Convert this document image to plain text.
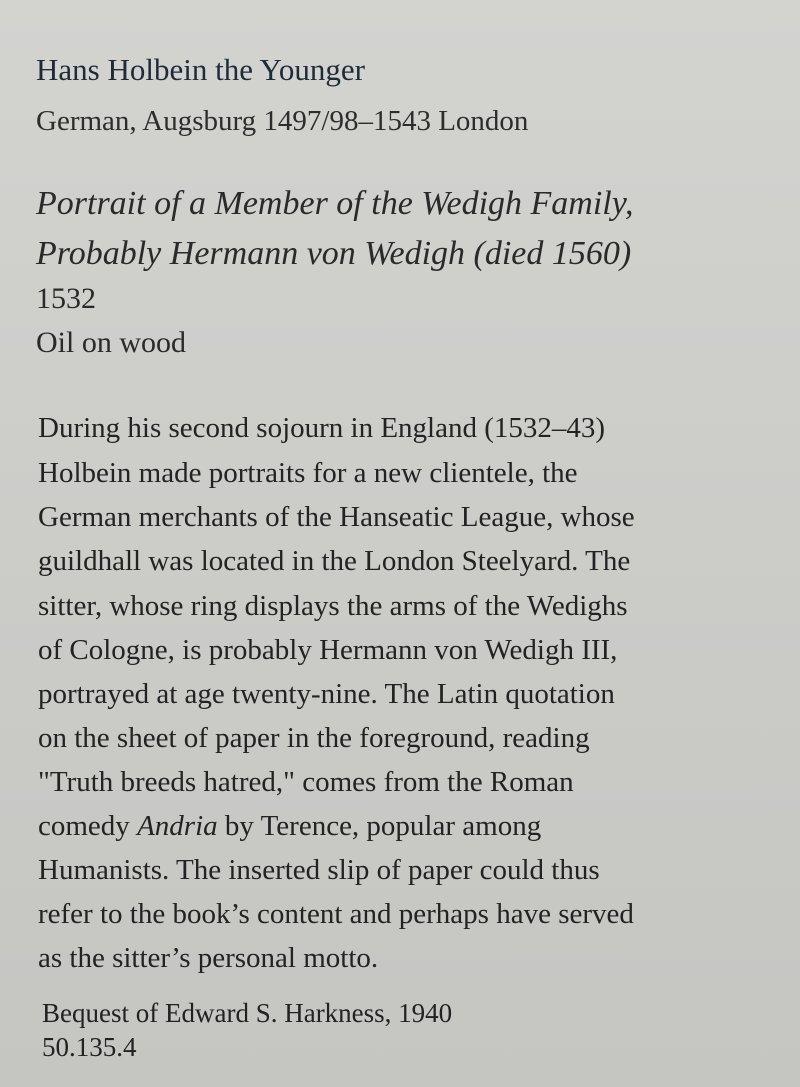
Hans Holbein the Younger
German, Augsburg 1497/98–1543 London
Portrait of a Member of the Wedigh Family,
Probably Hermann von Wedigh (died 1560)
1532
Oil on wood
During his second sojourn in England (1532–43)
Holbein made portraits for a new clientele, the
German merchants of the Hanseatic League, whose
guildhall was located in the London Steelyard. The
sitter, whose ring displays the arms of the Wedighs
of Cologne, is probably Hermann von Wedigh III,
portrayed at age twenty-nine. The Latin quotation
on the sheet of paper in the foreground, reading
"Truth breeds hatred," comes from the Roman
comedy Andria by Terence, popular among
Humanists. The inserted slip of paper could thus
refer to the book’s content and perhaps have served
as the sitter’s personal motto.
Bequest of Edward S. Harkness, 1940
50.135.4
